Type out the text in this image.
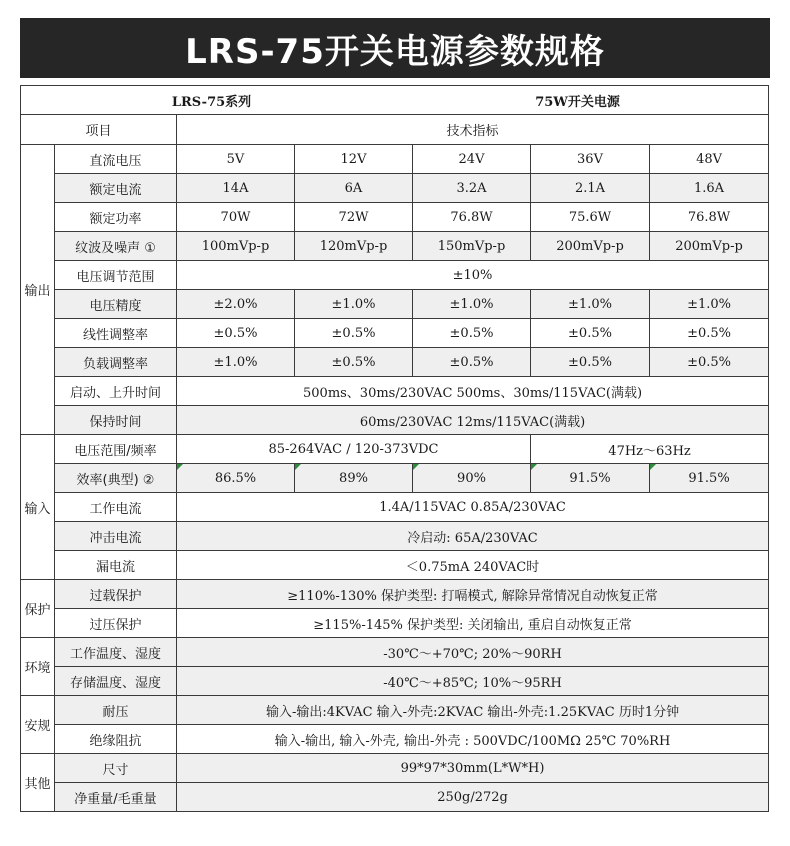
LRS-75开关电源参数规格
LRS-75系列 75W开关电源						
项目		技术指标				
输出	直流电压	5V	12V	24V	36V	48V
	额定电流	14A	6A	3.2A	2.1A	1.6A
	额定功率	70W	72W	76.8W	75.6W	76.8W
	纹波及噪声 ①	100mVp-p	120mVp-p	150mVp-p	200mVp-p	200mVp-p
	电压调节范围	±10%				
	电压精度	±2.0%	±1.0%	±1.0%	±1.0%	±1.0%
	线性调整率	±0.5%	±0.5%	±0.5%	±0.5%	±0.5%
	负载调整率	±1.0%	±0.5%	±0.5%	±0.5%	±0.5%
	启动、上升时间	500ms、30ms/230VAC 500ms、30ms/115VAC(满载)				
	保持时间	60ms/230VAC 12ms/115VAC(满载)				
输入	电压范围/频率	85-264VAC / 120-373VDC			47Hz～63Hz	
	效率(典型) ②	86.5%	89%	90%	91.5%	91.5%
	工作电流	1.4A/115VAC 0.85A/230VAC				
	冲击电流	冷启动: 65A/230VAC				
	漏电流	＜0.75mA 240VAC时				
保护	过载保护	≥110%-130% 保护类型: 打嗝模式, 解除异常情况自动恢复正常				
	过压保护	≥115%-145% 保护类型: 关闭输出, 重启自动恢复正常				
环境	工作温度、湿度	-30℃～+70℃; 20%～90RH				
	存储温度、湿度	-40℃～+85℃; 10%～95RH				
安规	耐压	输入-输出:4KVAC 输入-外壳:2KVAC 输出-外壳:1.25KVAC 历时1分钟				
	绝缘阻抗	输入-输出, 输入-外壳, 输出-外壳 : 500VDC/100MΩ 25℃ 70%RH				
其他	尺寸	99*97*30mm(L*W*H)				
	净重量/毛重量	250g/272g				
